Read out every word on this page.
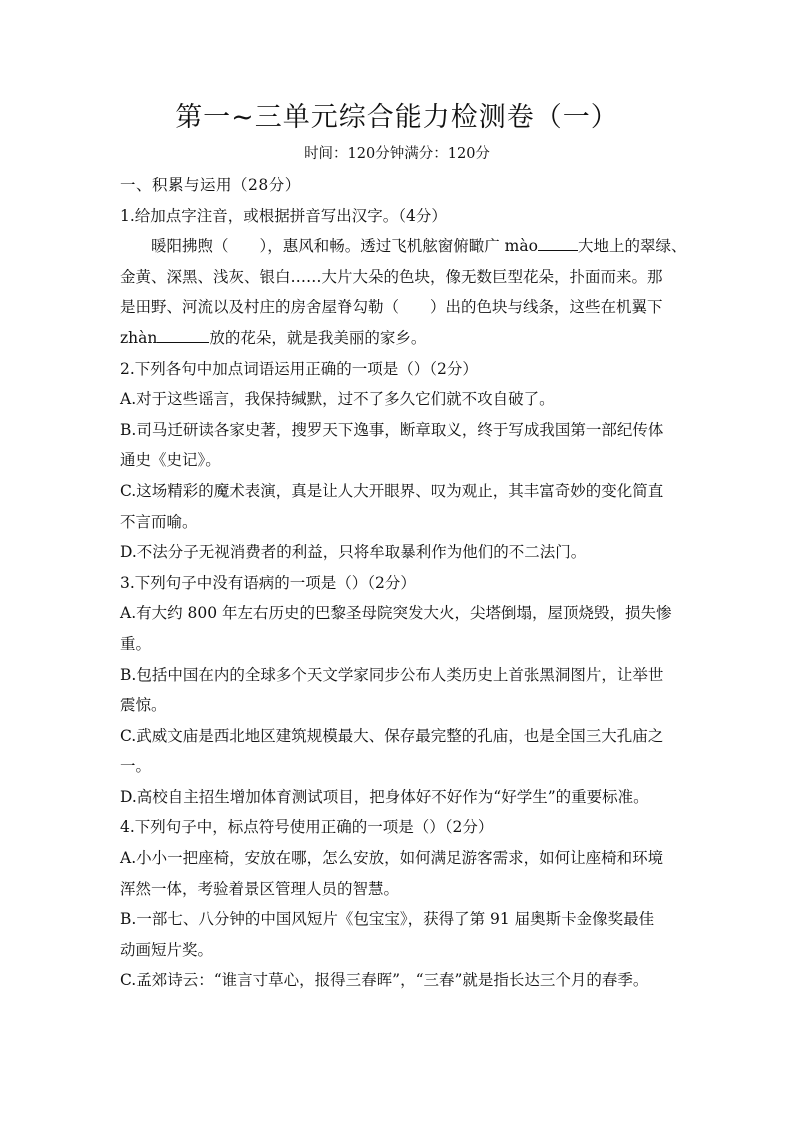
第一~三单元综合能力检测卷（一）
时间：120分钟满分：120分
一、积累与运用（28分）
1.给加点字注音，或根据拼音写出汉字。（4分）
暖阳拂煦（　　），惠风和畅。透过飞机舷窗俯瞰广 mào	大地上的翠绿、
金黄、深黑、浅灰、银白……大片大朵的色块，像无数巨型花朵，扑面而来。那
是田野、河流以及村庄的房舍屋脊勾勒（　　）出的色块与线条，这些在机翼下
zhàn	放的花朵，就是我美丽的家乡。
2.下列各句中加点词语运用正确的一项是（）（2分）
A.对于这些谣言，我保持缄默，过不了多久它们就不攻自破了。
B.司马迁研读各家史著，搜罗天下逸事，断章取义，终于写成我国第一部纪传体
通史《史记》。
C.这场精彩的魔术表演，真是让人大开眼界、叹为观止，其丰富奇妙的变化简直
不言而喻。
D.不法分子无视消费者的利益，只将牟取暴利作为他们的不二法门。
3.下列句子中没有语病的一项是（）（2分）
A.有大约 800 年左右历史的巴黎圣母院突发大火，尖塔倒塌，屋顶烧毁，损失惨
重。
B.包括中国在内的全球多个天文学家同步公布人类历史上首张黑洞图片，让举世
震惊。
C.武威文庙是西北地区建筑规模最大、保存最完整的孔庙，也是全国三大孔庙之
一。
D.高校自主招生增加体育测试项目，把身体好不好作为“好学生”的重要标准。
4.下列句子中，标点符号使用正确的一项是（）（2分）
A.小小一把座椅，安放在哪，怎么安放，如何满足游客需求，如何让座椅和环境
浑然一体，考验着景区管理人员的智慧。
B.一部七、八分钟的中国风短片《包宝宝》，获得了第 91 届奥斯卡金像奖最佳
动画短片奖。
C.孟郊诗云：“谁言寸草心，报得三春晖”，“三春”就是指长达三个月的春季。
